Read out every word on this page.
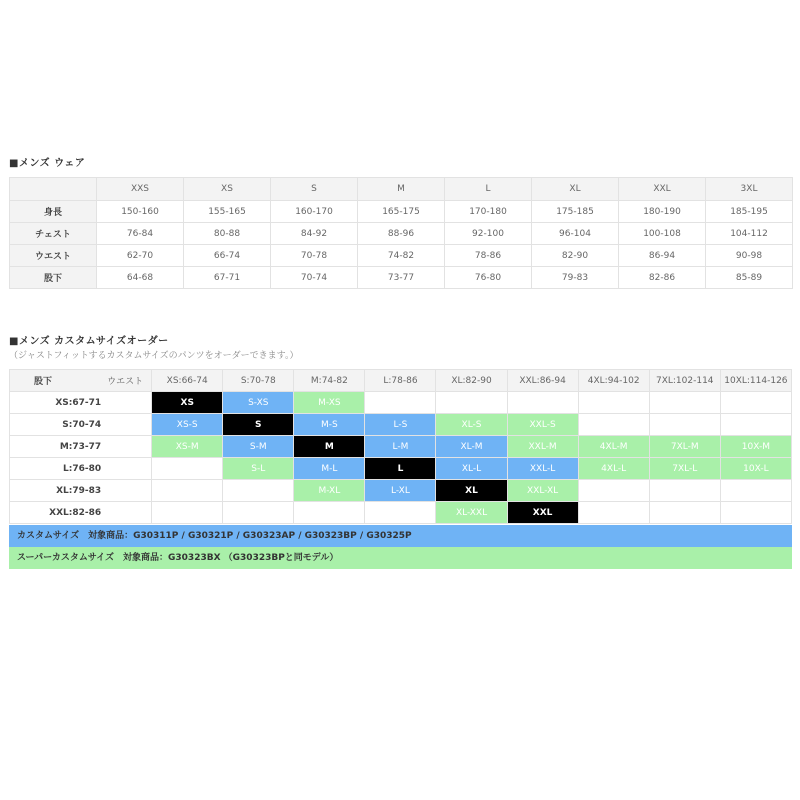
■メンズ ウェア
	XXS	XS	S	M	L	XL	XXL	3XL
身長	150-160	155-165	160-170	165-175	170-180	175-185	180-190	185-195
チェスト	76-84	80-88	84-92	88-96	92-100	96-104	100-108	104-112
ウエスト	62-70	66-74	70-78	74-82	78-86	82-90	86-94	90-98
股下	64-68	67-71	70-74	73-77	76-80	79-83	82-86	85-89
■メンズ カスタムサイズオーダー
（ジャストフィットするカスタムサイズのパンツをオーダーできます。）
股下 ウエスト	XS:66-74	S:70-78	M:74-82	L:78-86	XL:82-90	XXL:86-94	4XL:94-102	7XL:102-114	10XL:114-126
XS:67-71	XS	S-XS	M-XS						
S:70-74	XS-S	S	M-S	L-S	XL-S	XXL-S			
M:73-77	XS-M	S-M	M	L-M	XL-M	XXL-M	4XL-M	7XL-M	10X-M
L:76-80		S-L	M-L	L	XL-L	XXL-L	4XL-L	7XL-L	10X-L
XL:79-83			M-XL	L-XL	XL	XXL-XL			
XXL:82-86					XL-XXL	XXL			
カスタムサイズ　対象商品：G30311P / G30321P / G30323AP / G30323BP / G30325P
スーパーカスタムサイズ　対象商品：G30323BX （G30323BPと同モデル）
